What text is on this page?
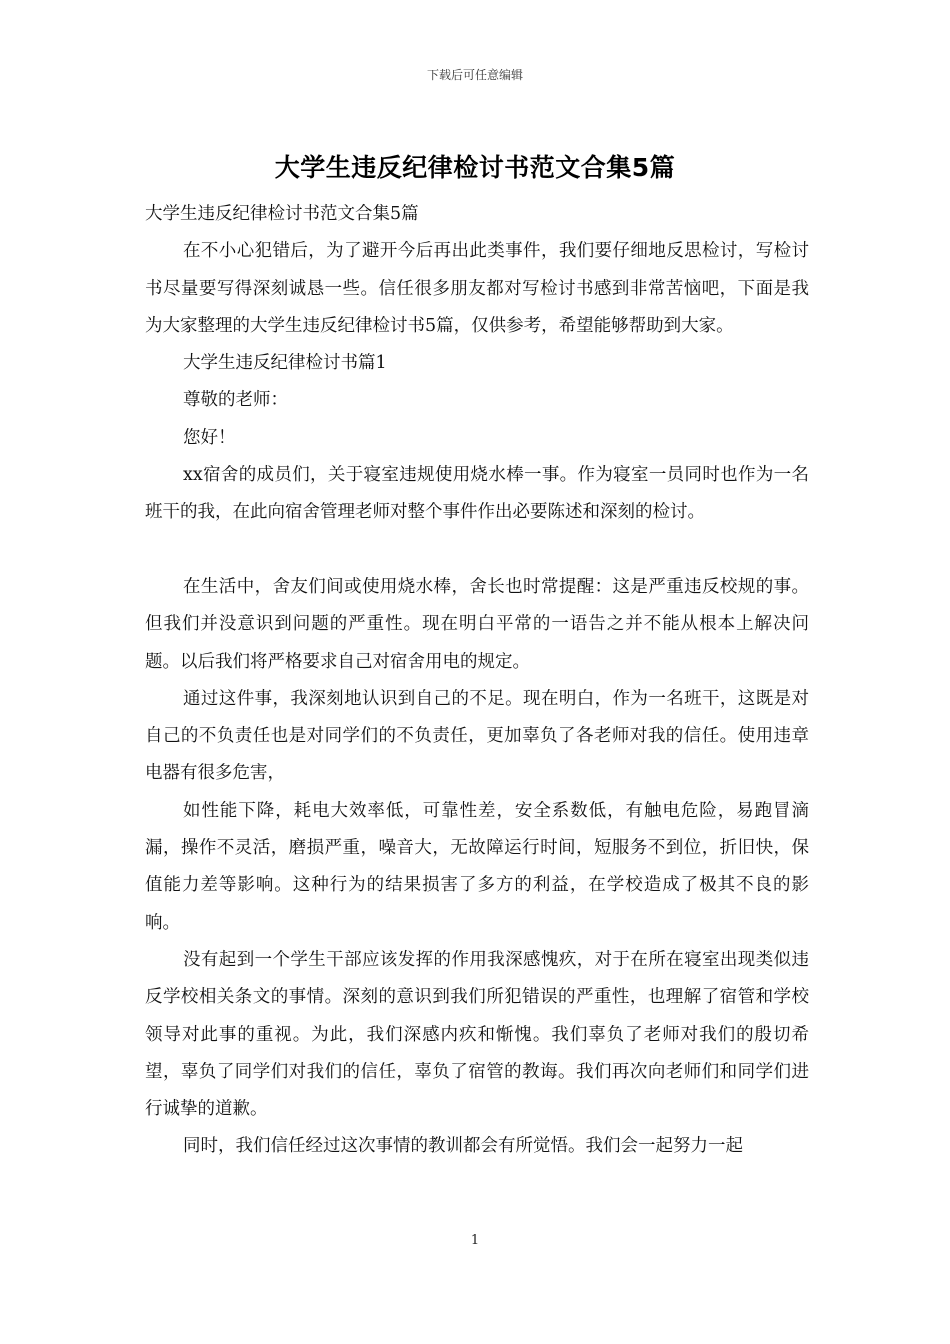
下载后可任意编辑
大学生违反纪律检讨书范文合集5篇

大学生违反纪律检讨书范文合集5篇

在不小心犯错后，为了避开今后再出此类事件，我们要仔细地反思检讨，写检讨书尽量要写得深刻诚恳一些。信任很多朋友都对写检讨书感到非常苦恼吧，下面是我为大家整理的大学生违反纪律检讨书5篇，仅供参考，希望能够帮助到大家。

大学生违反纪律检讨书篇1

尊敬的老师：

您好！

xx宿舍的成员们，关于寝室违规使用烧水棒一事。作为寝室一员同时也作为一名班干的我，在此向宿舍管理老师对整个事件作出必要陈述和深刻的检讨。

在生活中，舍友们间或使用烧水棒，舍长也时常提醒：这是严重违反校规的事。但我们并没意识到问题的严重性。现在明白平常的一语告之并不能从根本上解决问题。以后我们将严格要求自己对宿舍用电的规定。

通过这件事，我深刻地认识到自己的不足。现在明白，作为一名班干，这既是对自己的不负责任也是对同学们的不负责任，更加辜负了各老师对我的信任。使用违章电器有很多危害，

如性能下降，耗电大效率低，可靠性差，安全系数低，有触电危险，易跑冒滴漏，操作不灵活，磨损严重，噪音大，无故障运行时间，短服务不到位，折旧快，保值能力差等影响。这种行为的结果损害了多方的利益，在学校造成了极其不良的影响。

没有起到一个学生干部应该发挥的作用我深感愧疚，对于在所在寝室出现类似违反学校相关条文的事情。深刻的意识到我们所犯错误的严重性，也理解了宿管和学校领导对此事的重视。为此，我们深感内疚和惭愧。我们辜负了老师对我们的殷切希望，辜负了同学们对我们的信任，辜负了宿管的教诲。我们再次向老师们和同学们进行诚挚的道歉。

同时，我们信任经过这次事情的教训都会有所觉悟。我们会一起努力一起

1
